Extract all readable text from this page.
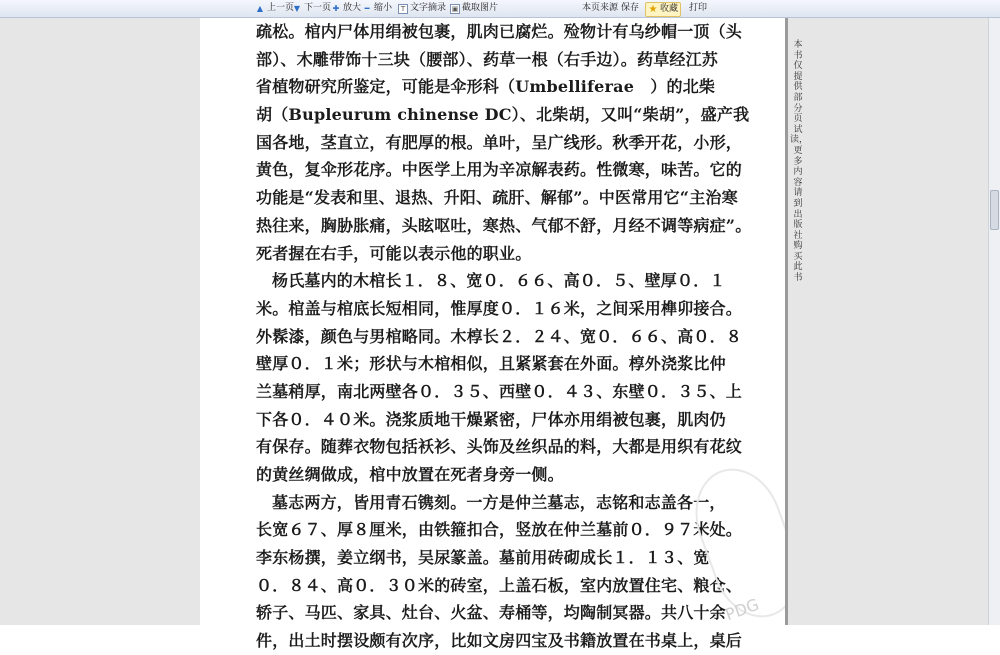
▲ 上一页 ▼ 下一页 ✚ 放大 ━ 缩小	T 文字摘录 ▣ 截取图片	本页来源 保存 ★ 收藏 打印
疏松。棺内尸体用绢被包裹，肌肉已腐烂。殓物计有乌纱帽一顶（头
部）、木雕带饰十三块（腰部）、药草一根（右手边）。药草经江苏
省植物研究所鉴定，可能是伞形科（Umbelliferae　）的北柴
胡（Bupleurum chinense DC）、北柴胡，又叫“柴胡”，盛产我
国各地，茎直立，有肥厚的根。单叶，呈广线形。秋季开花，小形，
黄色，复伞形花序。中医学上用为辛凉解表药。性微寒，味苦。它的
功能是“发表和里、退热、升阳、疏肝、解郁”。中医常用它“主治寒
热往来，胸胁胀痛，头眩呕吐，寒热、气郁不舒，月经不调等病症”。
死者握在右手，可能以表示他的职业。
杨氏墓内的木棺长１．８、宽０．６６、高０．５、壁厚０．１
米。棺盖与棺底长短相同，惟厚度０．１６米，之间采用榫卯接合。
外髹漆，颜色与男棺略同。木椁长２．２４、宽０．６６、高０．８
壁厚０．１米；形状与木棺相似，且紧紧套在外面。椁外浇浆比仲
兰墓稍厚，南北两壁各０．３５、西壁０．４３、东壁０．３５、上
下各０．４０米。浇浆质地干燥紧密，尸体亦用绢被包裹，肌肉仍
有保存。随葬衣物包括袄衫、头饰及丝织品的料，大都是用织有花纹
的黄丝绸做成，棺中放置在死者身旁一侧。
墓志两方，皆用青石镌刻。一方是仲兰墓志，志铭和志盖各一，
长宽６７、厚８厘米，由铁箍扣合，竖放在仲兰墓前０．９７米处。
李东杨撰，姜立纲书，吴尿篆盖。墓前用砖砌成长１．１３、宽
０．８４、高０．３０米的砖室，上盖石板，室内放置住宅、粮仓、
轿子、马匹、家具、灶台、火盆、寿桶等，均陶制冥器。共八十余
件，出土时摆设颇有次序，比如文房四宝及书籍放置在书桌上，桌后
PDG
本书仅提供部分页试读，更多内容请到出版社购买此书
